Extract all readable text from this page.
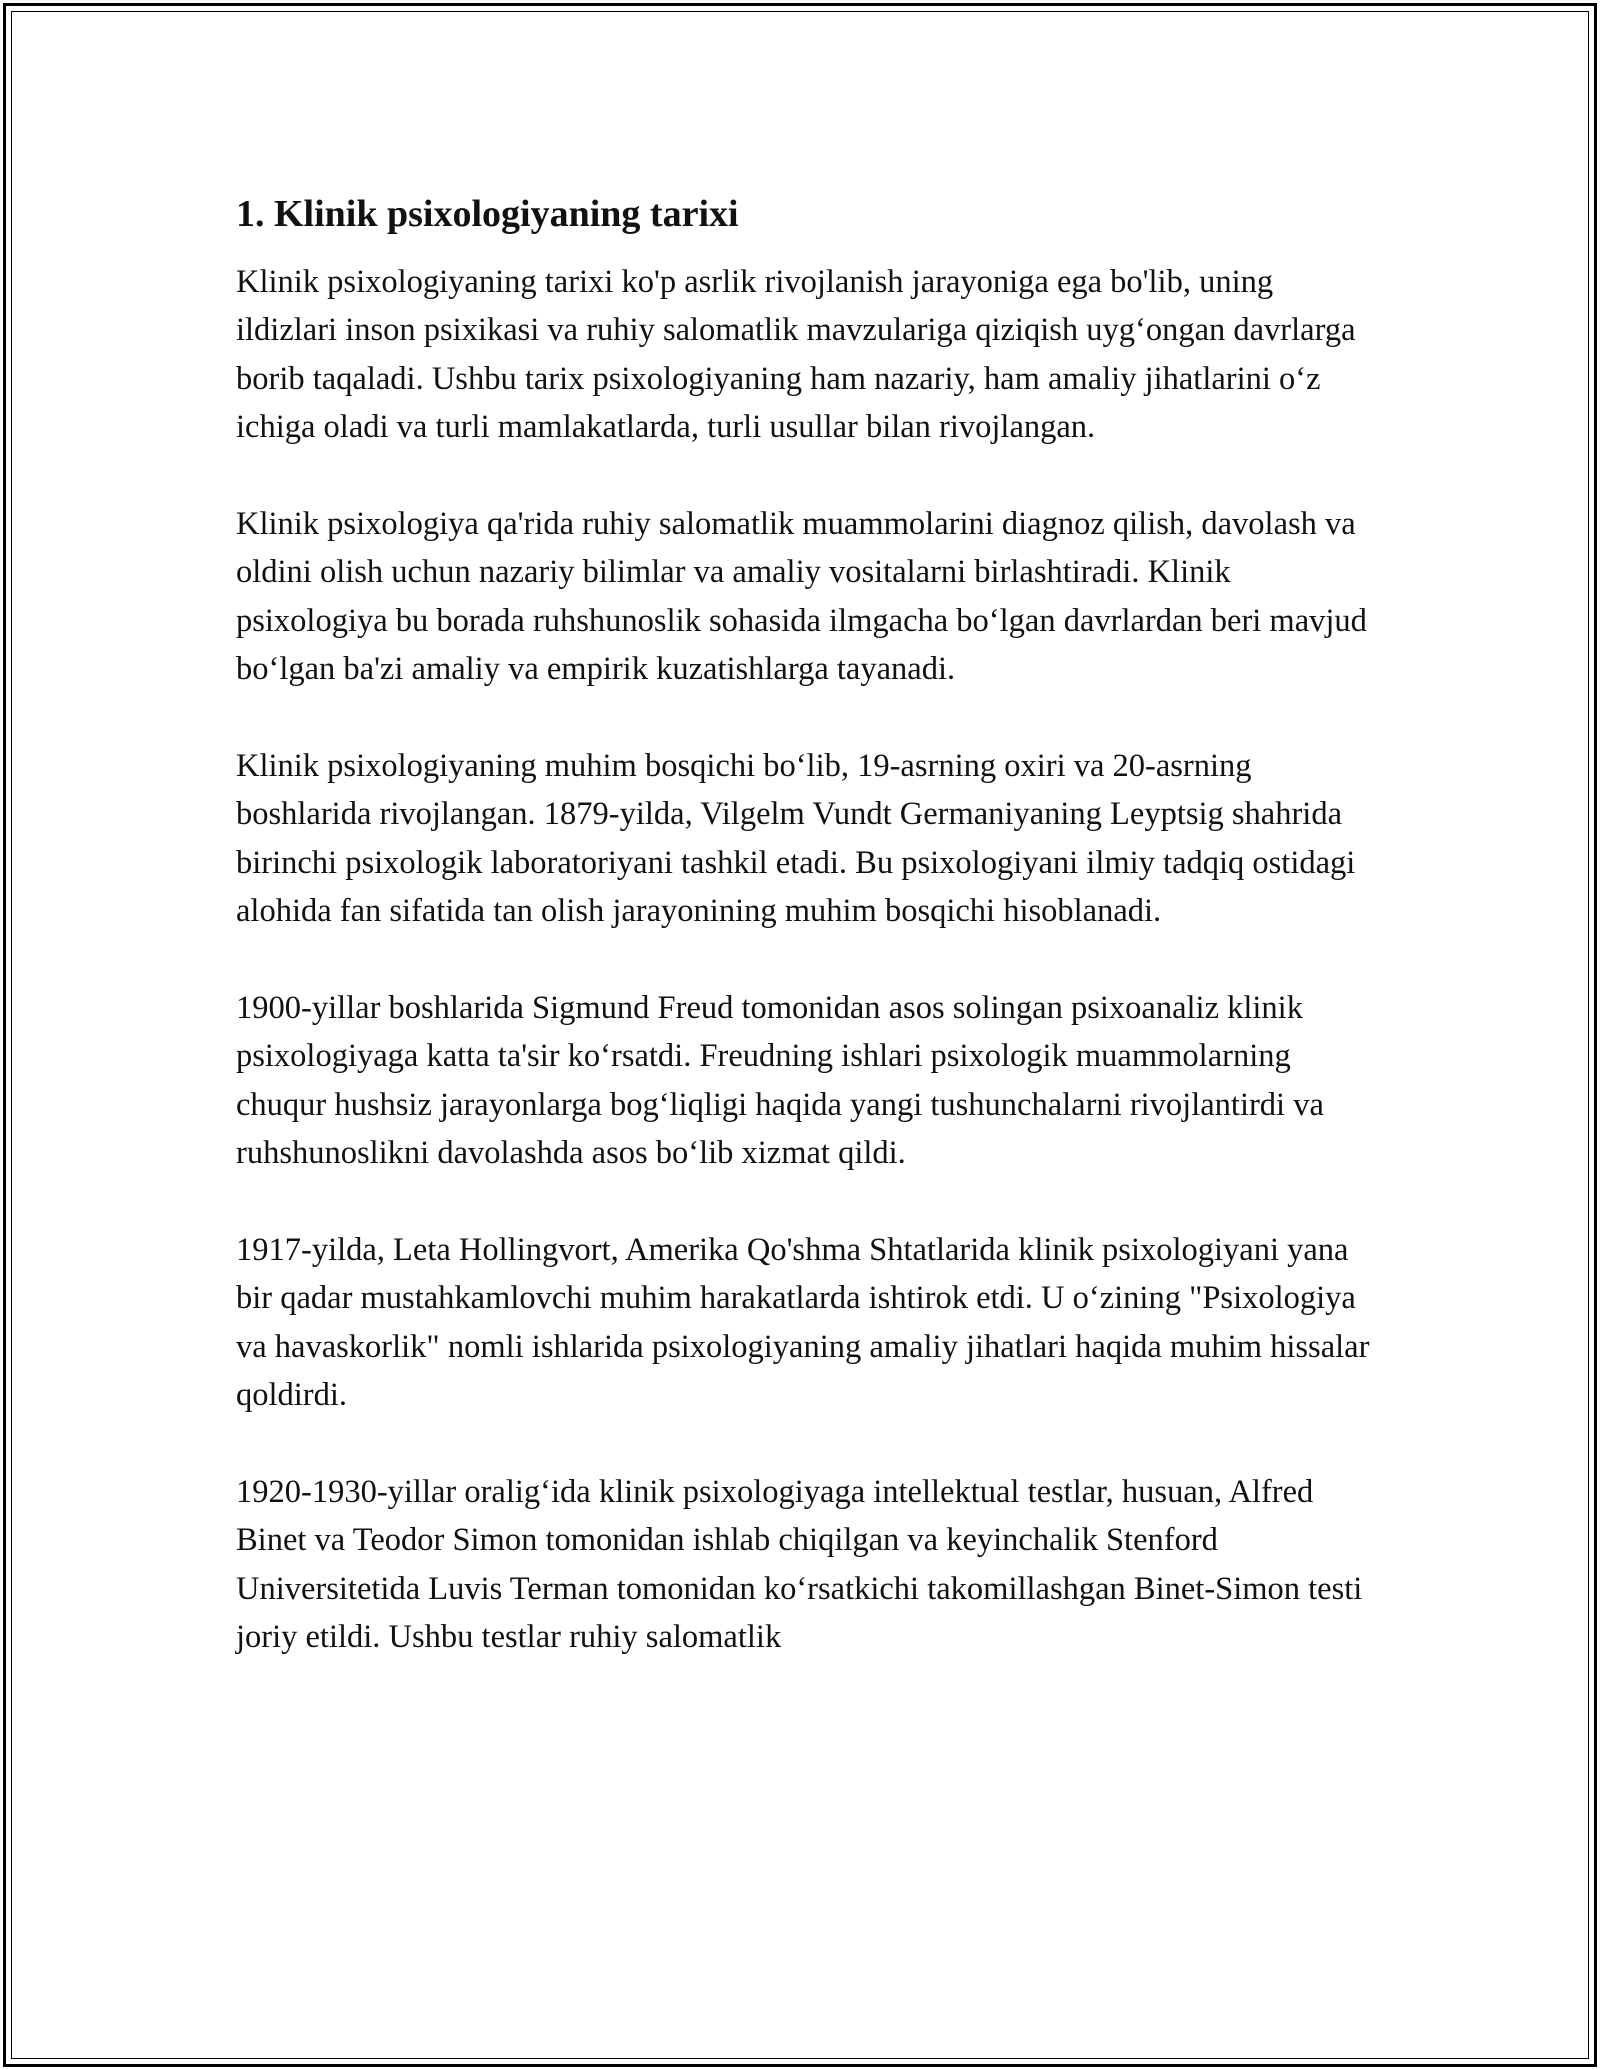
1. Klinik psixologiyaning tarixi

Klinik psixologiyaning tarixi ko'p asrlik rivojlanish jarayoniga ega bo'lib, uning ildizlari inson psixikasi va ruhiy salomatlik mavzulariga qiziqish uyg‘ongan davrlarga borib taqaladi. Ushbu tarix psixologiyaning ham nazariy, ham amaliy jihatlarini o‘z ichiga oladi va turli mamlakatlarda, turli usullar bilan rivojlangan.

Klinik psixologiya qa'rida ruhiy salomatlik muammolarini diagnoz qilish, davolash va oldini olish uchun nazariy bilimlar va amaliy vositalarni birlashtiradi. Klinik psixologiya bu borada ruhshunoslik sohasida ilmgacha bo‘lgan davrlardan beri mavjud bo‘lgan ba'zi amaliy va empirik kuzatishlarga tayanadi.

Klinik psixologiyaning muhim bosqichi bo‘lib, 19-asrning oxiri va 20-asrning boshlarida rivojlangan. 1879-yilda, Vilgelm Vundt Germaniyaning Leyptsig shahrida birinchi psixologik laboratoriyani tashkil etadi. Bu psixologiyani ilmiy tadqiq ostidagi alohida fan sifatida tan olish jarayonining muhim bosqichi hisoblanadi.

1900-yillar boshlarida Sigmund Freud tomonidan asos solingan psixoanaliz klinik psixologiyaga katta ta'sir ko‘rsatdi. Freudning ishlari psixologik muammolarning chuqur hushsiz jarayonlarga bog‘liqligi haqida yangi tushunchalarni rivojlantirdi va ruhshunoslikni davolashda asos bo‘lib xizmat qildi.

1917-yilda, Leta Hollingvort, Amerika Qo'shma Shtatlarida klinik psixologiyani yana bir qadar mustahkamlovchi muhim harakatlarda ishtirok etdi. U o‘zining "Psixologiya va havaskorlik" nomli ishlarida psixologiyaning amaliy jihatlari haqida muhim hissalar qoldirdi.

1920-1930-yillar oralig‘ida klinik psixologiyaga intellektual testlar, husuan, Alfred Binet va Teodor Simon tomonidan ishlab chiqilgan va keyinchalik Stenford Universitetida Luvis Terman tomonidan ko‘rsatkichi takomillashgan Binet-Simon testi joriy etildi. Ushbu testlar ruhiy salomatlik
